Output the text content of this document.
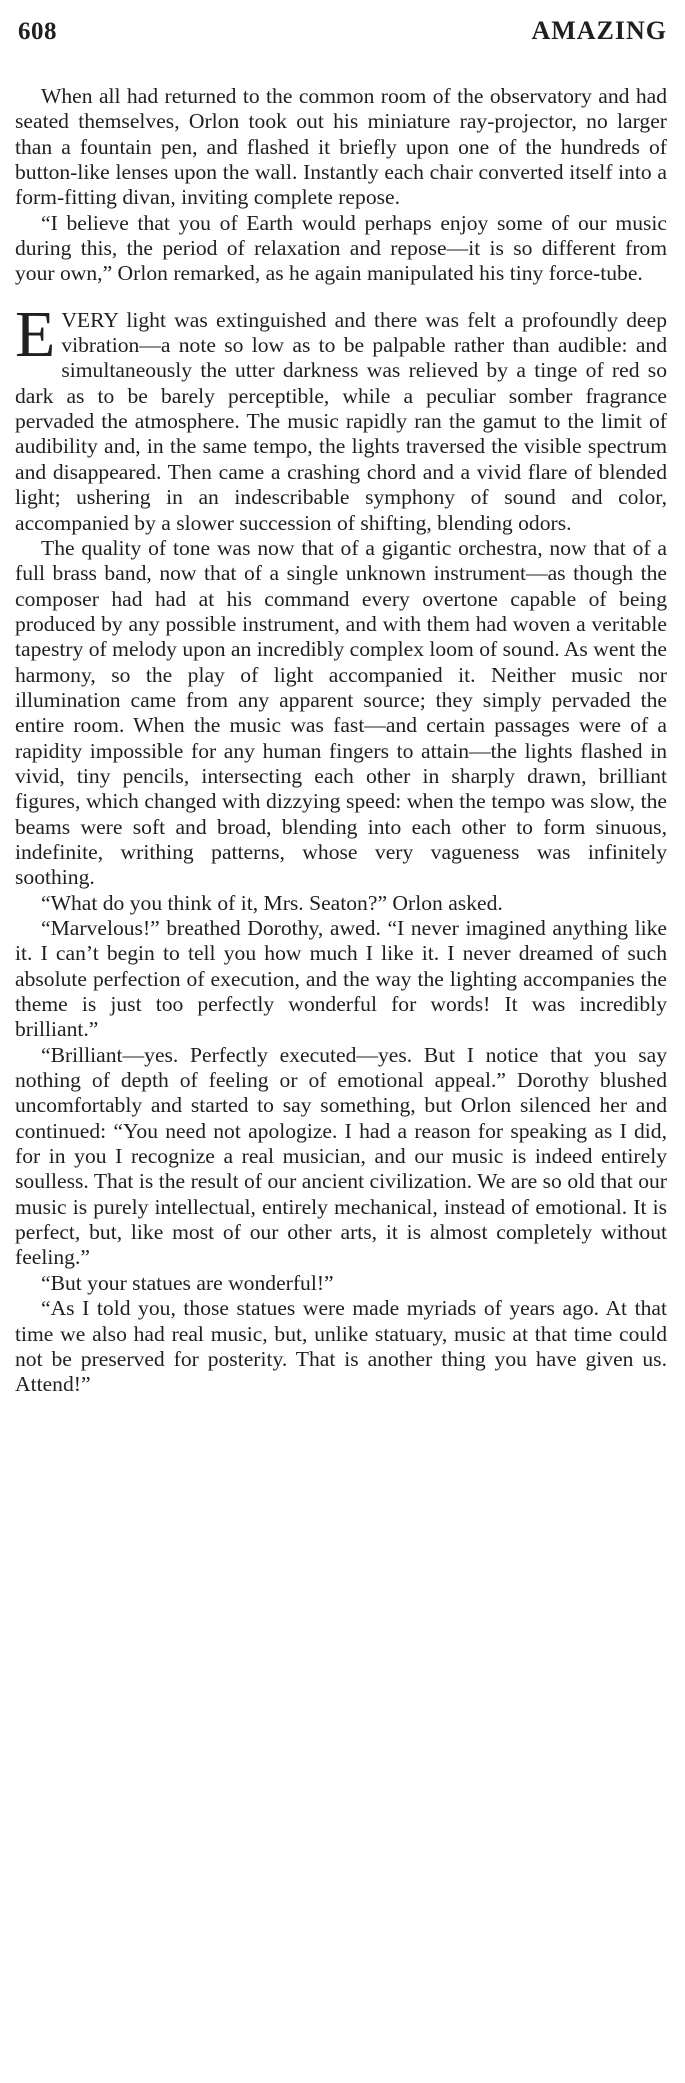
608	AMAZING

When all had returned to the common room of the observatory and had seated themselves, Orlon took out his miniature ray-projector, no larger than a fountain pen, and flashed it briefly upon one of the hundreds of button-like lenses upon the wall. Instantly each chair converted itself into a form-fitting divan, inviting complete repose.

“I believe that you of Earth would perhaps enjoy some of our music during this, the period of relaxation and repose—it is so different from your own,” Orlon remarked, as he again manipulated his tiny force-tube.

EVERY light was extinguished and there was felt a profoundly deep vibration—a note so low as to be palpable rather than audible: and simultaneously the utter darkness was relieved by a tinge of red so dark as to be barely perceptible, while a peculiar somber fragrance pervaded the atmosphere. The music rapidly ran the gamut to the limit of audibility and, in the same tempo, the lights traversed the visible spectrum and disappeared. Then came a crashing chord and a vivid flare of blended light; ushering in an indescribable symphony of sound and color, accompanied by a slower succession of shifting, blending odors.

The quality of tone was now that of a gigantic orchestra, now that of a full brass band, now that of a single unknown instrument—as though the composer had had at his command every overtone capable of being produced by any possible instrument, and with them had woven a veritable tapestry of melody upon an incredibly complex loom of sound. As went the harmony, so the play of light accompanied it. Neither music nor illumination came from any apparent source; they simply pervaded the entire room. When the music was fast—and certain passages were of a rapidity impossible for any human fingers to attain—the lights flashed in vivid, tiny pencils, intersecting each other in sharply drawn, brilliant figures, which changed with dizzying speed: when the tempo was slow, the beams were soft and broad, blending into each other to form sinuous, indefinite, writhing patterns, whose very vagueness was infinitely soothing.

“What do you think of it, Mrs. Seaton?” Orlon asked.

“Marvelous!” breathed Dorothy, awed. “I never imagined anything like it. I can’t begin to tell you how much I like it. I never dreamed of such absolute perfection of execution, and the way the lighting accompanies the theme is just too perfectly wonderful for words! It was incredibly brilliant.”

“Brilliant—yes. Perfectly executed—yes. But I notice that you say nothing of depth of feeling or of emotional appeal.” Dorothy blushed uncomfortably and started to say something, but Orlon silenced her and continued: “You need not apologize. I had a reason for speaking as I did, for in you I recognize a real musician, and our music is indeed entirely soulless. That is the result of our ancient civilization. We are so old that our music is purely intellectual, entirely mechanical, instead of emotional. It is perfect, but, like most of our other arts, it is almost completely without feeling.”

“But your statues are wonderful!”

“As I told you, those statues were made myriads of years ago. At that time we also had real music, but, unlike statuary, music at that time could not be preserved for posterity. That is another thing you have given us. Attend!”
